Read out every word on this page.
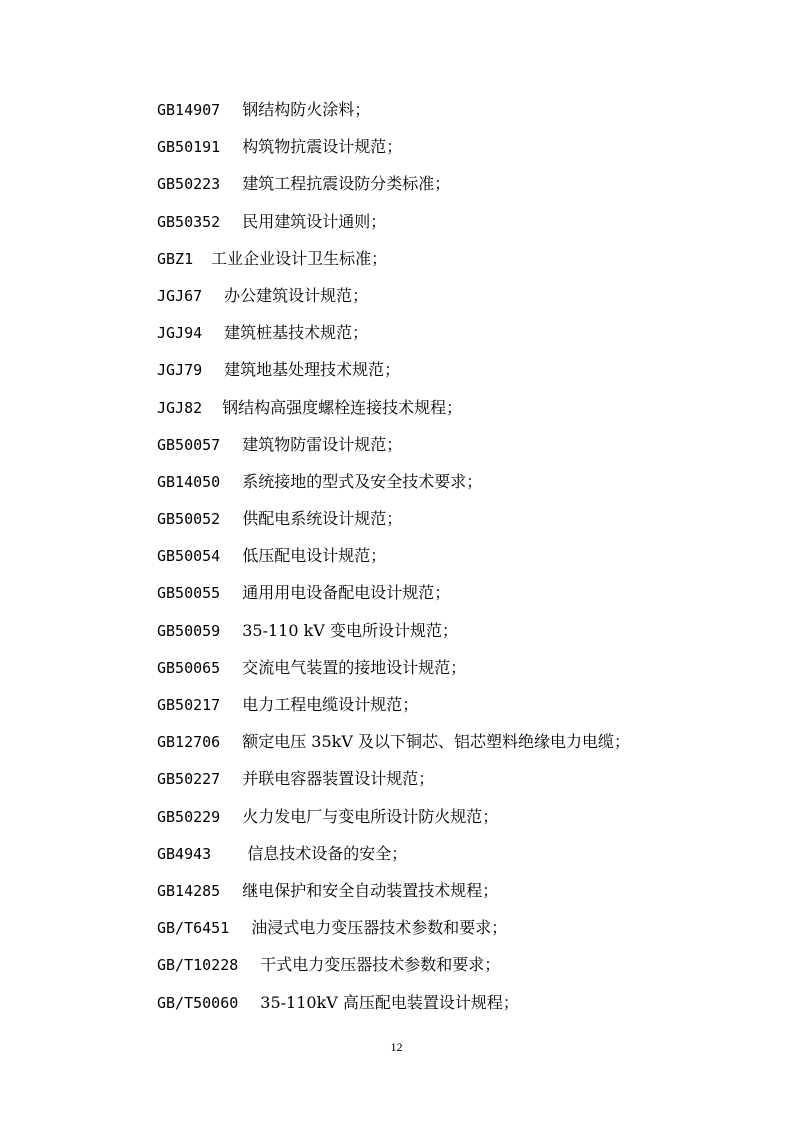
GB14907 钢结构防火涂料；
GB50191 构筑物抗震设计规范；
GB50223 建筑工程抗震设防分类标准；
GB50352 民用建筑设计通则；
GBZ1 工业企业设计卫生标准；
JGJ67 办公建筑设计规范；
JGJ94 建筑桩基技术规范；
JGJ79 建筑地基处理技术规范；
JGJ82 钢结构高强度螺栓连接技术规程；
GB50057 建筑物防雷设计规范；
GB14050 系统接地的型式及安全技术要求；
GB50052 供配电系统设计规范；
GB50054 低压配电设计规范；
GB50055 通用用电设备配电设计规范；
GB50059 35-110 kV 变电所设计规范；
GB50065 交流电气装置的接地设计规范；
GB50217 电力工程电缆设计规范；
GB12706 额定电压 35kV 及以下铜芯、铝芯塑料绝缘电力电缆；
GB50227 并联电容器装置设计规范；
GB50229 火力发电厂与变电所设计防火规范；
GB4943 信息技术设备的安全；
GB14285 继电保护和安全自动装置技术规程；
GB/T6451 油浸式电力变压器技术参数和要求；
GB/T10228 干式电力变压器技术参数和要求；
GB/T50060 35-110kV 高压配电装置设计规程；
12
